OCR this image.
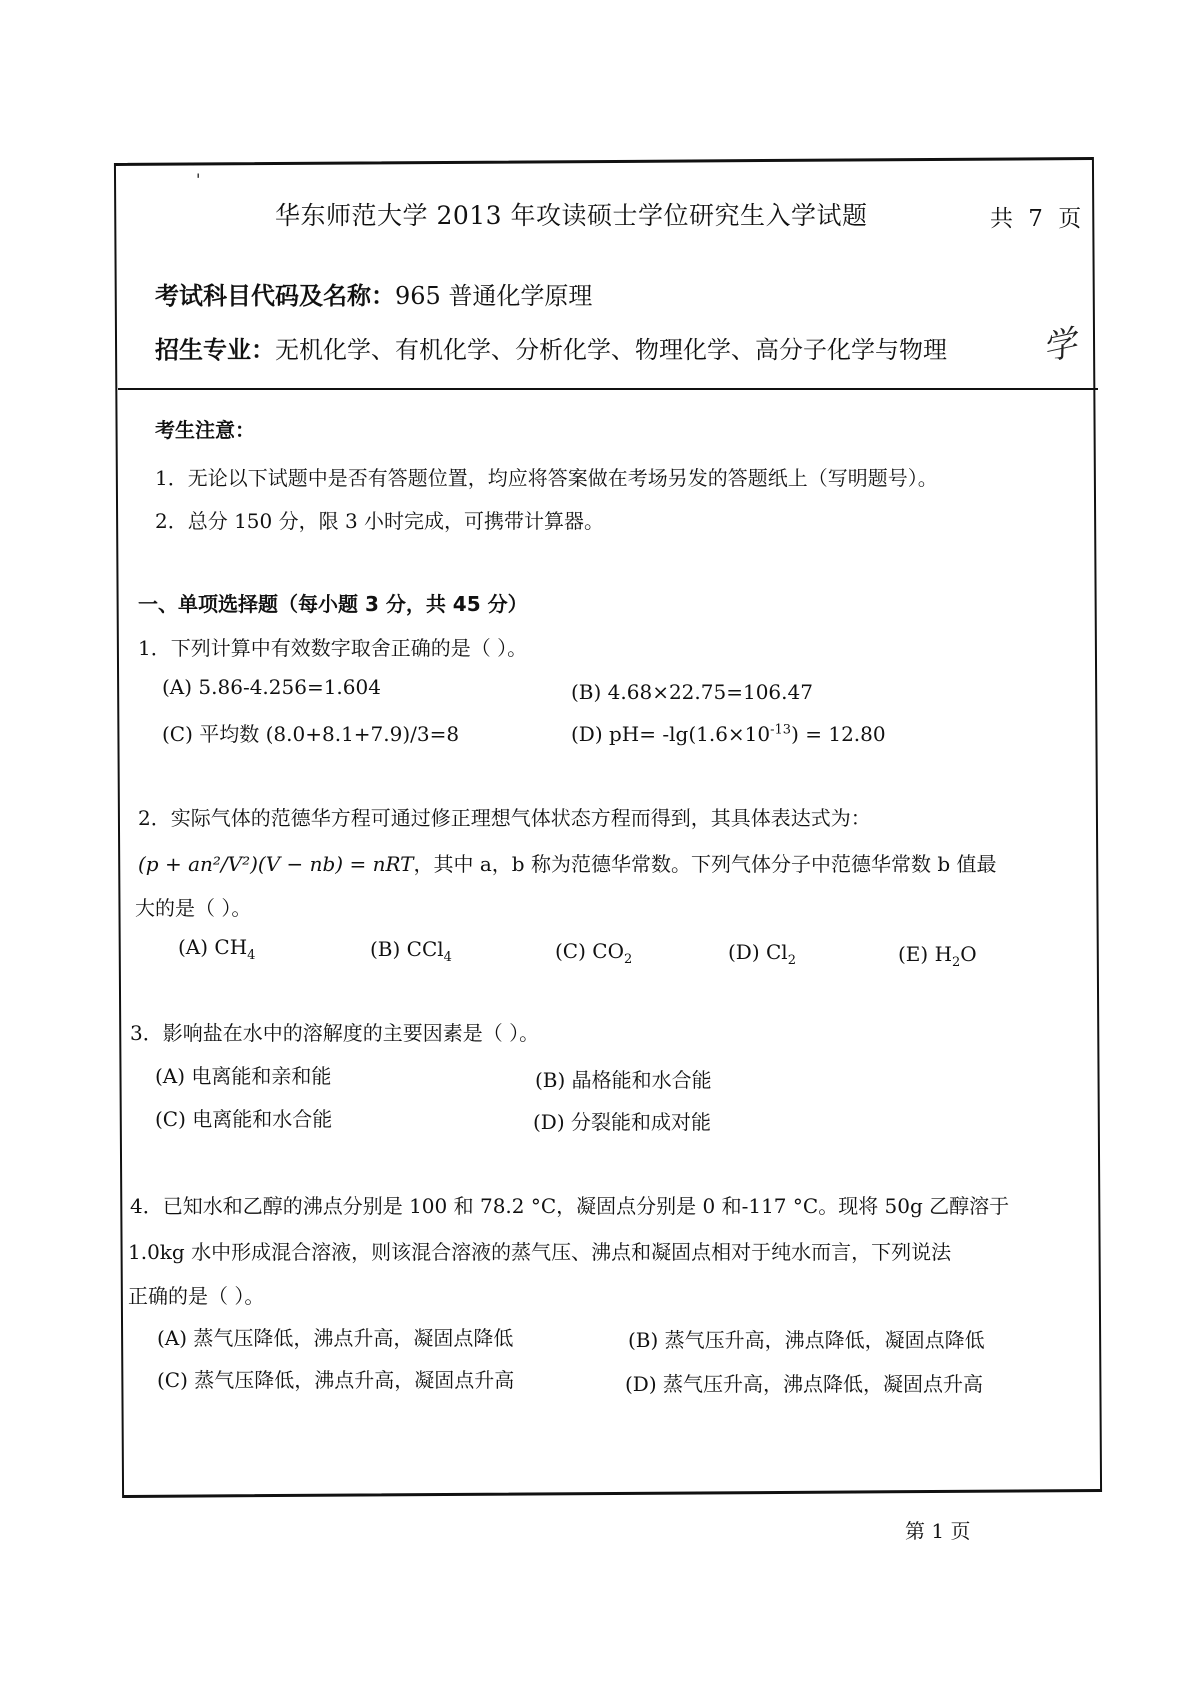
'
华东师范大学 2013 年攻读硕士学位研究生入学试题	共 7 页
考试科目代码及名称：965 普通化学原理
招生专业：无机化学、有机化学、分析化学、物理化学、高分子化学与物理	学
考生注意：
1．无论以下试题中是否有答题位置，均应将答案做在考场另发的答题纸上（写明题号）。
2．总分 150 分，限 3 小时完成，可携带计算器。
一、单项选择题（每小题 3 分，共 45 分）
1．下列计算中有效数字取舍正确的是（ ）。
(A) 5.86-4.256=1.604	(B) 4.68×22.75=106.47
(C) 平均数 (8.0+8.1+7.9)/3=8	(D) $pH= -\lg(1.6\times 10^{-13}) = 12.80$
2．实际气体的范德华方程可通过修正理想气体状态方程而得到，其具体表达式为：
(p + an²/V²)(V − nb) = nRT，其中 a，b 称为范德华常数。下列气体分子中范德华常数 b 值最
大的是（ ）。
(A) $CH_4$	(B) CCl$_4$	(C) $CO_2$	(D) $Cl_2$	(E) $H_2O$
3．影响盐在水中的溶解度的主要因素是（ ）。
(A) 电离能和亲和能	(B) 晶格能和水合能
(C) 电离能和水合能	(D) 分裂能和成对能
4．已知水和乙醇的沸点分别是 100 和 78.2 °C，凝固点分别是 0 和-117 °C。现将 50g 乙醇溶于
1.0kg 水中形成混合溶液，则该混合溶液的蒸气压、沸点和凝固点相对于纯水而言，下列说法
正确的是（ ）。
(A) 蒸气压降低，沸点升高，凝固点降低	(B) 蒸气压升高，沸点降低，凝固点降低
(C) 蒸气压降低，沸点升高，凝固点升高	(D) 蒸气压升高，沸点降低，凝固点升高
第 1 页
